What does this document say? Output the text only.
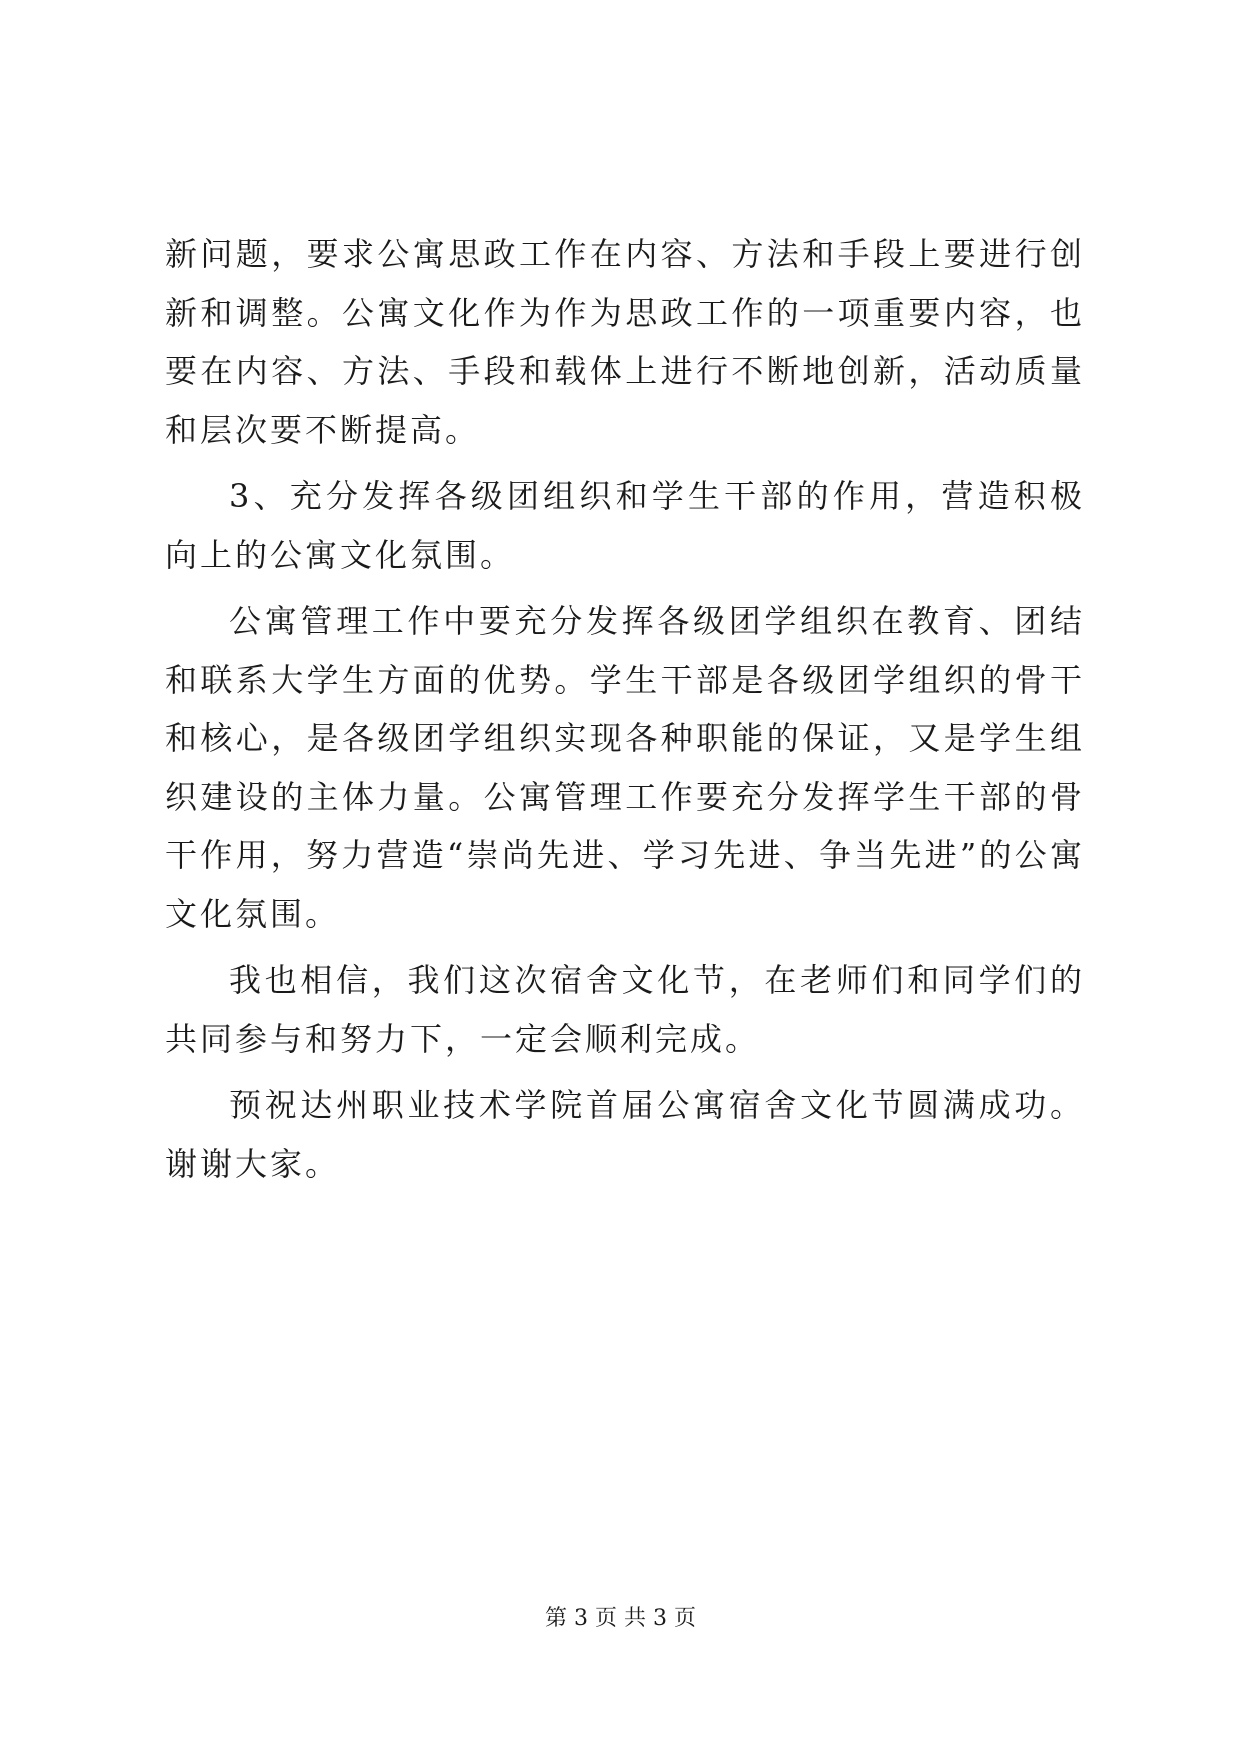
新问题，要求公寓思政工作在内容、方法和手段上要进行创新和调整。公寓文化作为作为思政工作的一项重要内容，也要在内容、方法、手段和载体上进行不断地创新，活动质量和层次要不断提高。

3、充分发挥各级团组织和学生干部的作用，营造积极向上的公寓文化氛围。

公寓管理工作中要充分发挥各级团学组织在教育、团结和联系大学生方面的优势。学生干部是各级团学组织的骨干和核心，是各级团学组织实现各种职能的保证，又是学生组织建设的主体力量。公寓管理工作要充分发挥学生干部的骨干作用，努力营造“崇尚先进、学习先进、争当先进”的公寓文化氛围。

我也相信，我们这次宿舍文化节，在老师们和同学们的共同参与和努力下，一定会顺利完成。

预祝达州职业技术学院首届公寓宿舍文化节圆满成功。谢谢大家。

第 3 页 共 3 页
